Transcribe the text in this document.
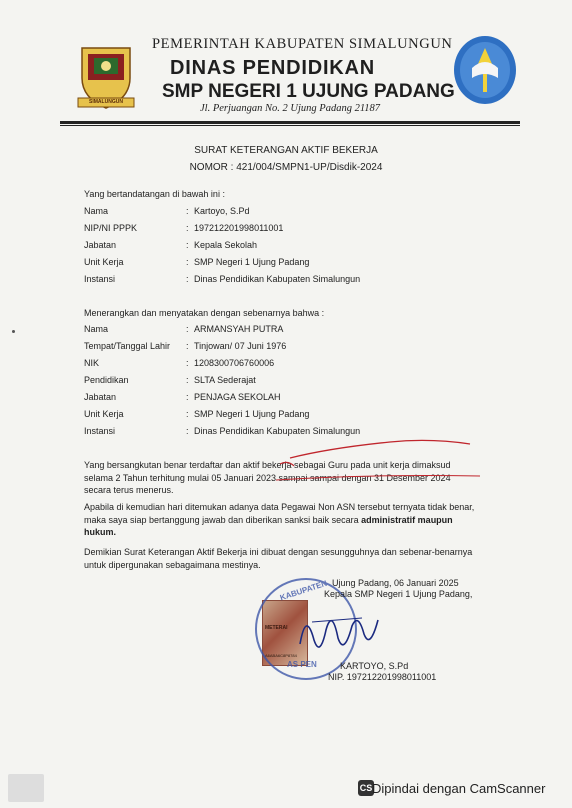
SIMALUNGUN
PEMERINTAH KABUPATEN SIMALUNGUN
DINAS PENDIDIKAN
SMP NEGERI 1 UJUNG PADANG
Jl. Perjuangan No. 2 Ujung Padang 21187
SURAT KETERANGAN AKTIF BEKERJA
NOMOR : 421/004/SMPN1-UP/Disdik-2024
Yang bertandatangan di bawah ini :
Nama	: Kartoyo, S.Pd
NIP/NI PPPK	: 197212201998011001
Jabatan	: Kepala Sekolah
Unit Kerja	: SMP Negeri 1 Ujung Padang
Instansi	: Dinas Pendidikan Kabupaten Simalungun
Menerangkan dan menyatakan dengan sebenarnya bahwa :
Nama	: ARMANSYAH PUTRA
Tempat/Tanggal Lahir : Tinjowan/ 07 Juni 1976
NIK	: 1208300706760006
Pendidikan	: SLTA Sederajat
Jabatan	: PENJAGA SEKOLAH
Unit Kerja	: SMP Negeri 1 Ujung Padang
Instansi	: Dinas Pendidikan Kabupaten Simalungun
Yang bersangkutan benar terdaftar dan aktif bekerja sebagai Guru pada unit kerja dimaksud
selama 2 Tahun terhitung mulai 05 Januari 2023 sampai sampai dengan 31 Desember 2024
secara terus menerus.
Apabila di kemudian hari ditemukan adanya data Pegawai Non ASN tersebut ternyata tidak benar,
maka saya siap bertanggung jawab dan diberikan sanksi baik secara administratif maupun
hukum.
Demikian Surat Keterangan Aktif Bekerja ini dibuat dengan sesungguhnya dan sebenar-benarnya
untuk dipergunakan sebagaimana mestinya.
METERAI
A6ABA6C8P8784
KABUPATEN
AS PEN
Ujung Padang, 06 Januari 2025
Kepala SMP Negeri 1 Ujung Padang,
KARTOYO, S.Pd
NIP. 197212201998011001
CS Dipindai dengan CamScanner
